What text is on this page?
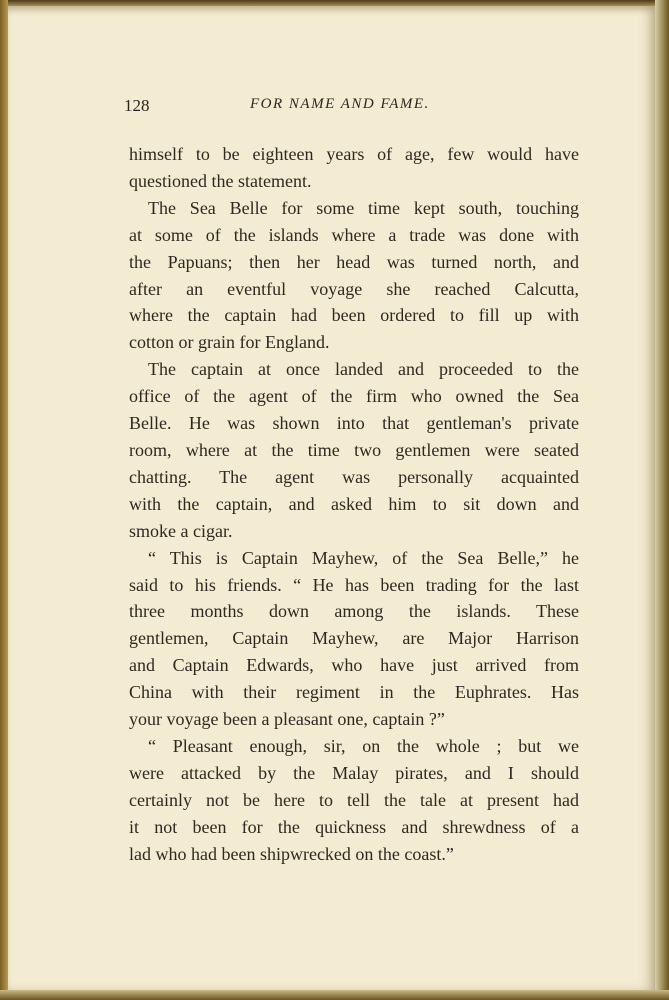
128	FOR NAME AND FAME.

himself to be eighteen years of age, few would have

questioned the statement.

The Sea Belle for some time kept south, touching

at some of the islands where a trade was done with

the Papuans; then her head was turned north, and

after an eventful voyage she reached Calcutta,

where the captain had been ordered to fill up with

cotton or grain for England.

The captain at once landed and proceeded to the

office of the agent of the firm who owned the Sea

Belle. He was shown into that gentleman's private

room, where at the time two gentlemen were seated

chatting. The agent was personally acquainted

with the captain, and asked him to sit down and

smoke a cigar.

“ This is Captain Mayhew, of the Sea Belle,” he

said to his friends. “ He has been trading for the last

three months down among the islands. These

gentlemen, Captain Mayhew, are Major Harrison

and Captain Edwards, who have just arrived from

China with their regiment in the Euphrates. Has

your voyage been a pleasant one, captain ?”

“ Pleasant enough, sir, on the whole ; but we

were attacked by the Malay pirates, and I should

certainly not be here to tell the tale at present had

it not been for the quickness and shrewdness of a

lad who had been shipwrecked on the coast.”
